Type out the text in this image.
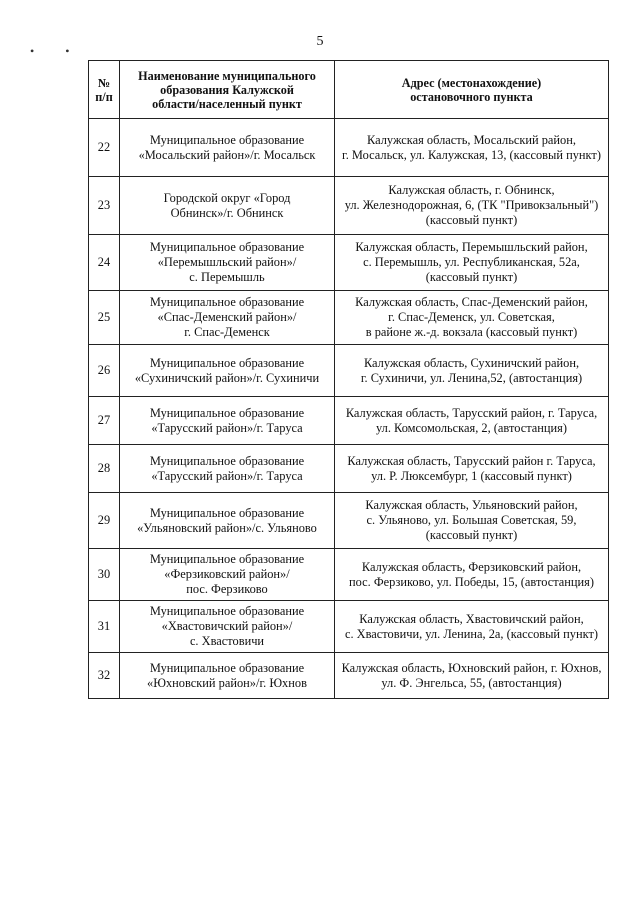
• •
5
№
п/п	Наименование муниципального
образования Калужской
области/населенный пункт	Адрес (местонахождение)
остановочного пункта

22	Муниципальное образование
«Мосальский район»/г. Мосальск	Калужская область, Мосальский район,
г. Мосальск, ул. Калужская, 13, (кассовый пункт)

23	Городской округ «Город
Обнинск»/г. Обнинск	Калужская область, г. Обнинск,
ул. Железнодорожная, 6, (ТК "Привокзальный")
(кассовый пункт)

24	Муниципальное образование
«Перемышльский район»/
с. Перемышль	Калужская область, Перемышльский район,
с. Перемышль, ул. Республиканская, 52а,
(кассовый пункт)

25	Муниципальное образование
«Спас-Деменский район»/
г. Спас-Деменск	Калужская область, Спас-Деменский район,
г. Спас-Деменск, ул. Советская,
в районе ж.-д. вокзала (кассовый пункт)

26	Муниципальное образование
«Сухиничский район»/г. Сухиничи	Калужская область, Сухиничский район,
г. Сухиничи, ул. Ленина,52, (автостанция)

27	Муниципальное образование
«Тарусский район»/г. Таруса	Калужская область, Тарусский район, г. Таруса,
ул. Комсомольская, 2, (автостанция)

28	Муниципальное образование
«Тарусский район»/г. Таруса	Калужская область, Тарусский район г. Таруса,
ул. Р. Люксембург, 1 (кассовый пункт)

29	Муниципальное образование
«Ульяновский район»/с. Ульяново	Калужская область, Ульяновский район,
с. Ульяново, ул. Большая Советская, 59,
(кассовый пункт)

30	Муниципальное образование
«Ферзиковский район»/
пос. Ферзиково	Калужская область, Ферзиковский район,
пос. Ферзиково, ул. Победы, 15, (автостанция)

31	Муниципальное образование
«Хвастовичский район»/
с. Хвастовичи	Калужская область, Хвастовичский район,
с. Хвастовичи, ул. Ленина, 2а, (кассовый пункт)

32	Муниципальное образование
«Юхновский район»/г. Юхнов	Калужская область, Юхновский район, г. Юхнов,
ул. Ф. Энгельса, 55, (автостанция)
